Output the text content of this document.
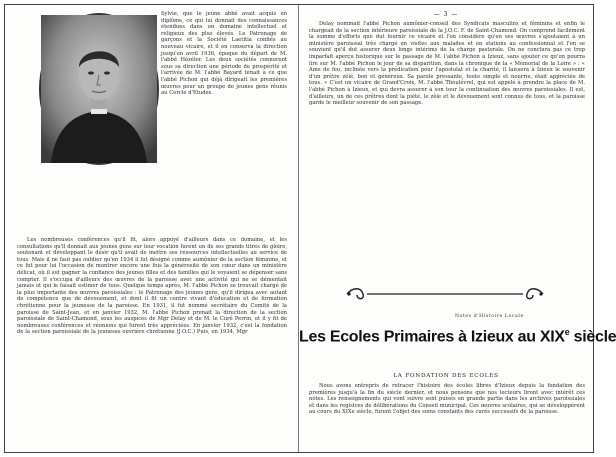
Sylvie, que le jeune abbé avait acquis en diplôme, ce qui lui donnait des connaissances étendues dans un domaine intellectuel et religieux des plus élevés. Le Patronage de garçons et la Société Laetitia confiés au nouveau vicaire, et il en conserva la direction jusqu'en avril 1936, époque du départ de M. l'abbé Hézéler. Les deux sociétés connurent sous sa direction une période de prospérité et l'arrivée de M. l'abbé Bayard tenait à ce que l'abbé Pichon qui déjà dirigeait les premières œuvres pour un groupe de jeunes gens réunis au Cercle d'Etudes.

Les nombreuses conférences qu'il fit, alors appuyé d'ailleurs dans ce domaine, et les consultations qu'il donnait aux jeunes gens sur leur vocation furent un de ses grands titres de gloire, soutenant et développant le désir qu'il avait de mettre ses ressources intellectuelles au service de tous. Mais il ne faut pas oublier qu'en 1934 il fut désigné comme aumônier de la section féminine, et ce fut pour lui l'occasion de montrer encore une fois la générosité de son cœur dans un ministère délicat, où il sut gagner la confiance des jeunes filles et des familles qui le voyaient se dépenser sans compter. Il s'occupa d'ailleurs des œuvres de la paroisse avec une activité qui ne se démentait jamais et qui le faisait estimer de tous. Quelque temps après, M. l'abbé Pichon se trouvait chargé de la plus importante des œuvres paroissiales : le Patronage des jeunes gens, qu'il dirigea avec autant de compétence que de dévouement, et dont il fit un centre vivant d'éducation et de formation chrétienne pour la jeunesse de la paroisse. En 1931, il fut nommé secrétaire du Comité de la paroisse de Saint-Jean, et en janvier 1932, M. l'abbé Pichon prenait la direction de la section paroissiale de Saint-Chamond, sous les auspices de Mgr Delay et de M. le Curé Perrin, et il y fit de nombreuses conférences et réunions qui furent très appréciées. En janvier 1932, c'est la fondation de la section paroissiale de la jeunesse ouvrière chrétienne (J.O.C.) Puis, en 1934, Mgr

— 3 —

Delay nommait l'abbé Pichon aumônier-conseil des Syndicats masculins et féminins et enfin le chargeait de la section intérieure paroissiale de la J.O.C. F. de Saint-Chamond. On comprend facilement la somme d'efforts que dut fournir ce vicaire et l'on considère qu'en ses œuvres s'ajoutaient à un ministère paroissial très chargé en visites aux malades et en stations au confessionnal et l'on se souvient qu'il dut assurer deux longs intérims de la charge pastorale. On ne conclura pas ce trop imparfait aperçu historique sur le passage de M. l'abbé Pichon à Izieux, sans ajouter ce qu'on pourra lire sur M. l'abbé Pichon le jour de sa disparition, dans la chronique de la « Mémorial de la Loire » : « Ame de feu, inclinée vers la prédication pour l'apostolat et la charité, il laissera à Izieux le souvenir d'un prêtre zélé, bon et généreux. Sa parole pressante, toute simple et nourrie, était appréciée de tous. » C'est un vicaire de Grand'Croix, M. l'abbé Thoulévrel, qui est appelé à prendre la place de M. l'abbé Pichon à Izieux, et qui devra assurer à son tour la continuation des œuvres paroissiales. Il est, d'ailleurs, un de ces prêtres dont la piété, le zèle et le dévouement sont connus de tous, et la paroisse garde le meilleur souvenir de son passage.

Notes d'Histoire Locale
Les Ecoles Primaires à Izieux au XIXe siècle
LA FONDATION DES ECOLES

Nous avons entrepris de retracer l'histoire des écoles libres d'Izieux depuis la fondation des premières jusqu'à la fin du siècle dernier, et nous pensons que nos lecteurs liront avec intérêt ces notes. Les renseignements qui vont suivre sont puisés en grande partie dans les archives paroissiales et dans les registres de délibérations du Conseil municipal. Ces œuvres scolaires, qui se développèrent au cours du XIXe siècle, furent l'objet des soins constants des curés successifs de la paroisse.
